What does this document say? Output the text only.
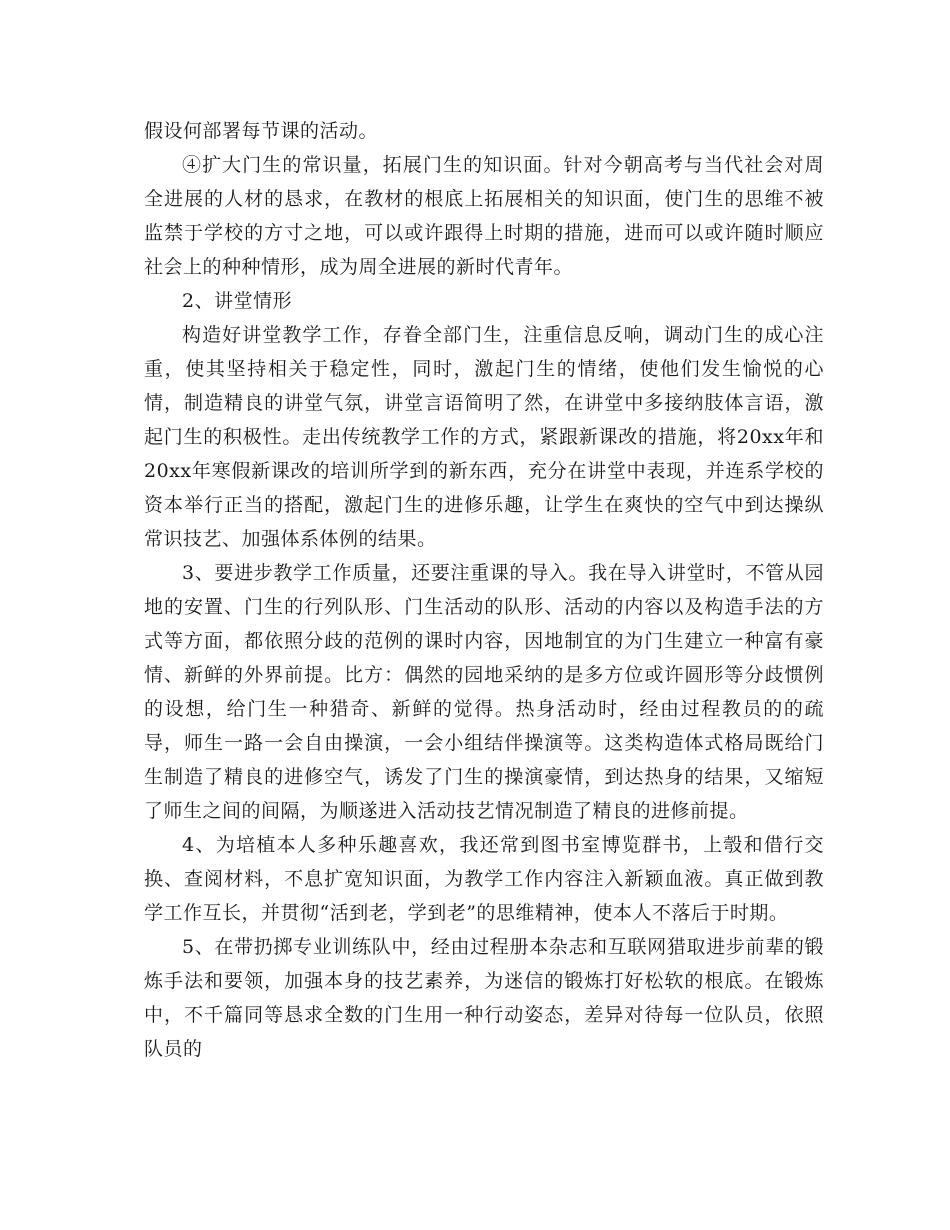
假设何部署每节课的活动。

④扩大门生的常识量，拓展门生的知识面。针对今朝高考与当代社会对周全进展的人材的恳求，在教材的根底上拓展相关的知识面，使门生的思维不被监禁于学校的方寸之地，可以或许跟得上时期的措施，进而可以或许随时顺应社会上的种种情形，成为周全进展的新时代青年。

2、讲堂情形

构造好讲堂教学工作，存眷全部门生，注重信息反响，调动门生的成心注重，使其坚持相关于稳定性，同时，激起门生的情绪，使他们发生愉悦的心情，制造精良的讲堂气氛，讲堂言语简明了然，在讲堂中多接纳肢体言语，激起门生的积极性。走出传统教学工作的方式，紧跟新课改的措施，将20xx年和20xx年寒假新课改的培训所学到的新东西，充分在讲堂中表现，并连系学校的资本举行正当的搭配，激起门生的进修乐趣，让学生在爽快的空气中到达操纵常识技艺、加强体系体例的结果。

3、要进步教学工作质量，还要注重课的导入。我在导入讲堂时，不管从园地的安置、门生的行列队形、门生活动的队形、活动的内容以及构造手法的方式等方面，都依照分歧的范例的课时内容，因地制宜的为门生建立一种富有豪情、新鲜的外界前提。比方：偶然的园地采纳的是多方位或许圆形等分歧惯例的设想，给门生一种猎奇、新鲜的觉得。热身活动时，经由过程教员的的疏导，师生一路一会自由操演，一会小组结伴操演等。这类构造体式格局既给门生制造了精良的进修空气，诱发了门生的操演豪情，到达热身的结果，又缩短了师生之间的间隔，为顺遂进入活动技艺情况制造了精良的进修前提。

4、为培植本人多种乐趣喜欢，我还常到图书室博览群书，上彀和借行交换、查阅材料，不息扩宽知识面，为教学工作内容注入新颖血液。真正做到教学工作互长，并贯彻“活到老，学到老”的思维精神，使本人不落后于时期。

5、在带扔掷专业训练队中，经由过程册本杂志和互联网猎取进步前辈的锻炼手法和要领，加强本身的技艺素养，为迷信的锻炼打好松软的根底。在锻炼中，不千篇同等恳求全数的门生用一种行动姿态，差异对待每一位队员，依照队员的
